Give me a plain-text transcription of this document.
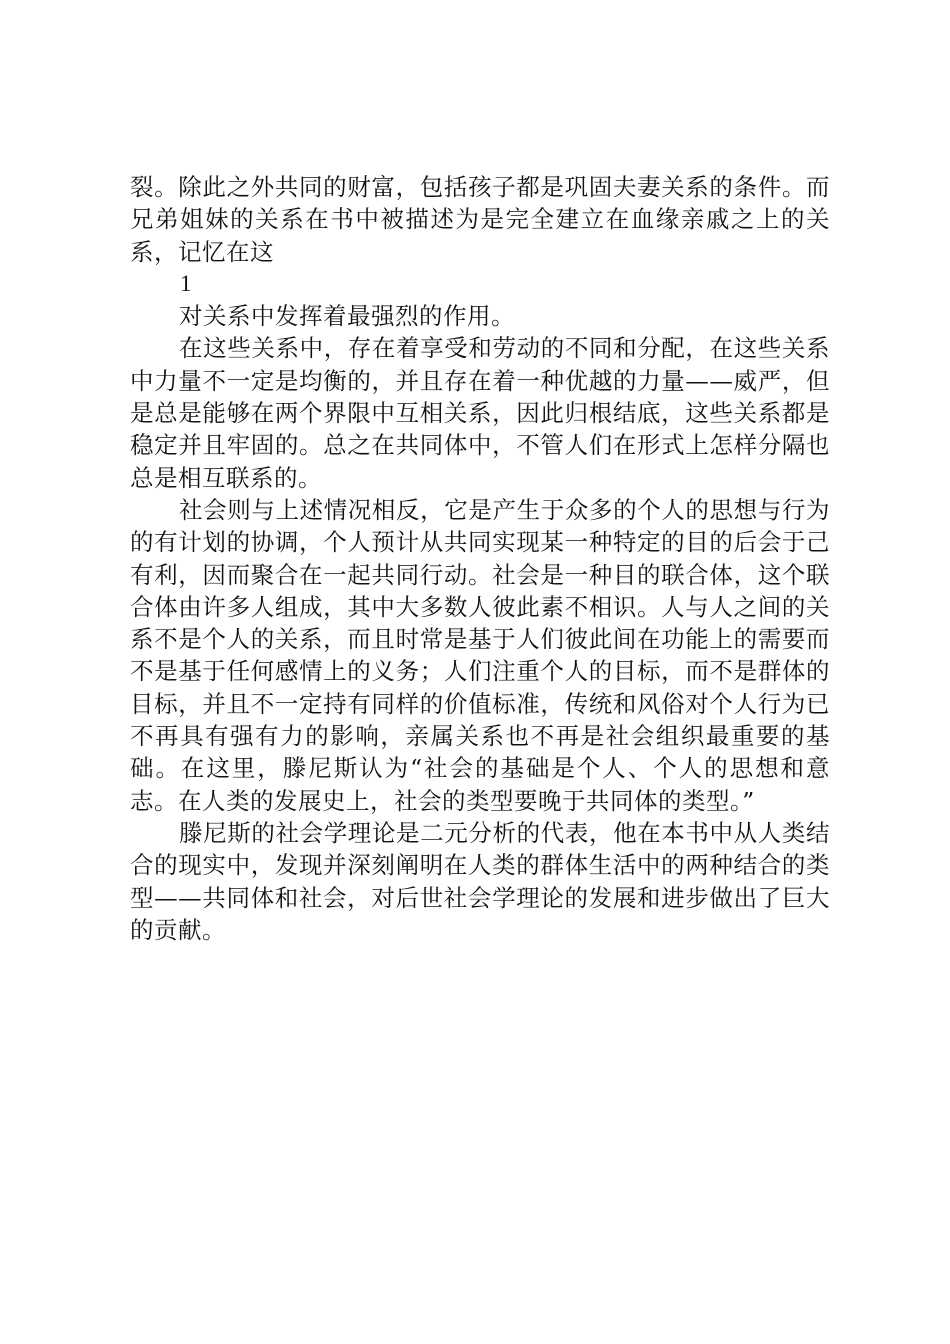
裂。除此之外共同的财富，包括孩子都是巩固夫妻关系的条件。而兄弟姐妹的关系在书中被描述为是完全建立在血缘亲戚之上的关系，记忆在这

1

对关系中发挥着最强烈的作用。

在这些关系中，存在着享受和劳动的不同和分配，在这些关系中力量不一定是均衡的，并且存在着一种优越的力量——威严，但是总是能够在两个界限中互相关系，因此归根结底，这些关系都是稳定并且牢固的。总之在共同体中，不管人们在形式上怎样分隔也总是相互联系的。

社会则与上述情况相反，它是产生于众多的个人的思想与行为的有计划的协调，个人预计从共同实现某一种特定的目的后会于己有利，因而聚合在一起共同行动。社会是一种目的联合体，这个联合体由许多人组成，其中大多数人彼此素不相识。人与人之间的关系不是个人的关系，而且时常是基于人们彼此间在功能上的需要而不是基于任何感情上的义务；人们注重个人的目标，而不是群体的目标，并且不一定持有同样的价值标准，传统和风俗对个人行为已不再具有强有力的影响，亲属关系也不再是社会组织最重要的基础。在这里，滕尼斯认为“社会的基础是个人、个人的思想和意志。在人类的发展史上，社会的类型要晚于共同体的类型。”

滕尼斯的社会学理论是二元分析的代表，他在本书中从人类结合的现实中，发现并深刻阐明在人类的群体生活中的两种结合的类型——共同体和社会，对后世社会学理论的发展和进步做出了巨大的贡献。
